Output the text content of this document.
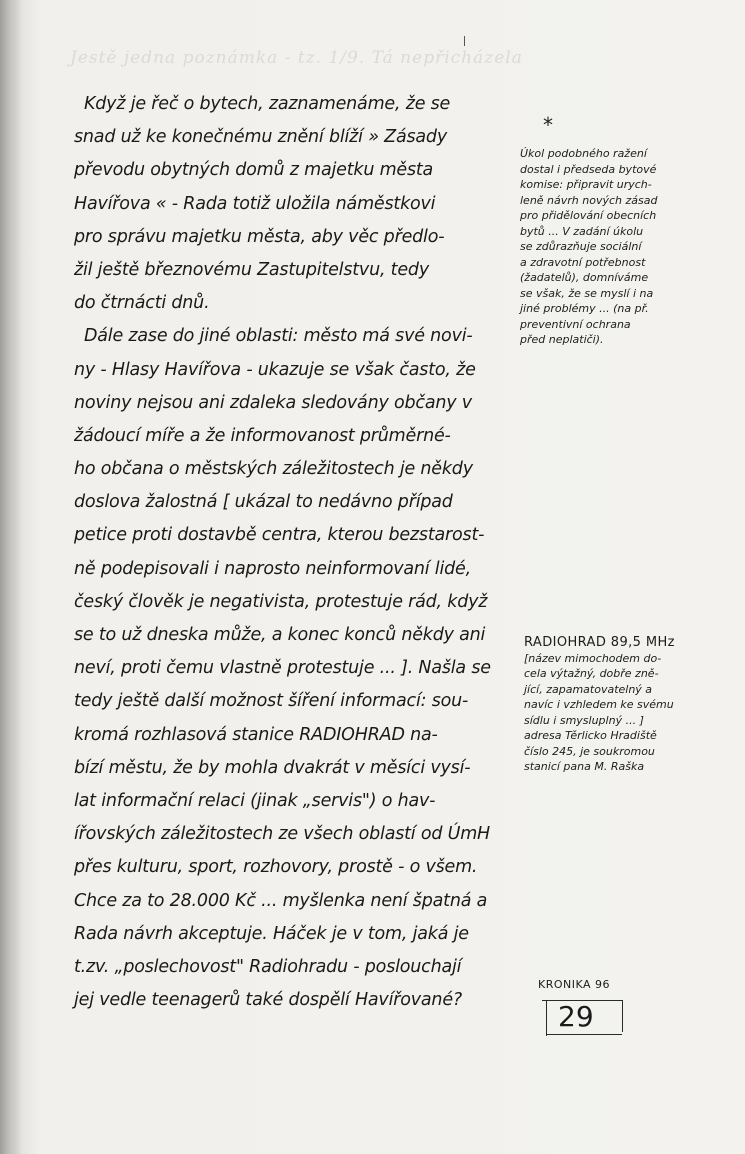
Jestě jedna poznámka - tz. 1/9. Tá nepřicházela
Když je řeč o bytech, zaznamenáme, že se
snad už ke konečnému znění blíží » Zásady
převodu obytných domů z majetku města
Havířova « - Rada totiž uložila náměstkovi
pro správu majetku města, aby věc předlo-
žil ještě březnovému Zastupitelstvu, tedy
do čtrnácti dnů.
Dále zase do jiné oblasti: město má své novi-
ny - Hlasy Havířova - ukazuje se však často, že
noviny nejsou ani zdaleka sledovány občany v
žádoucí míře a že informovanost průměrné-
ho občana o městských záležitostech je někdy
doslova žalostná [ ukázal to nedávno případ
petice proti dostavbě centra, kterou bezstarost-
ně podepisovali i naprosto neinformovaní lidé,
český člověk je negativista, protestuje rád, když
se to už dneska může, a konec konců někdy ani
neví, proti čemu vlastně protestuje ... ]. Našla se
tedy ještě další možnost šíření informací: sou-
kromá rozhlasová stanice RADIOHRAD na-
bízí městu, že by mohla dvakrát v měsíci vysí-
lat informační relaci (jinak „servis") o hav-
ířovských záležitostech ze všech oblastí od ÚmH
přes kulturu, sport, rozhovory, prostě - o všem.
Chce za to 28.000 Kč ... myšlenka není špatná a
Rada návrh akceptuje. Háček je v tom, jaká je
t.zv. „poslechovost" Radiohradu - poslouchají
jej vedle teenagerů také dospělí Havířované?
*
Úkol podobného ražení
dostal i předseda bytové
komise: připravit urych-
leně návrh nových zásad
pro přidělování obecních
bytů ... V zadání úkolu
se zdůrazňuje sociální
a zdravotní potřebnost
(žadatelů), domníváme
se však, že se myslí i na
jiné problémy ... (na př.
preventivní ochrana
před neplatiči).
RADIOHRAD 89,5 MHz
[název mimochodem do-
cela výtažný, dobře zně-
jící, zapamatovatelný a
navíc i vzhledem ke svému
sídlu i smysluplný ... ]
adresa Těrlicko Hradiště
číslo 245, je soukromou
stanicí pana M. Raška
KRONIKA 96
29
